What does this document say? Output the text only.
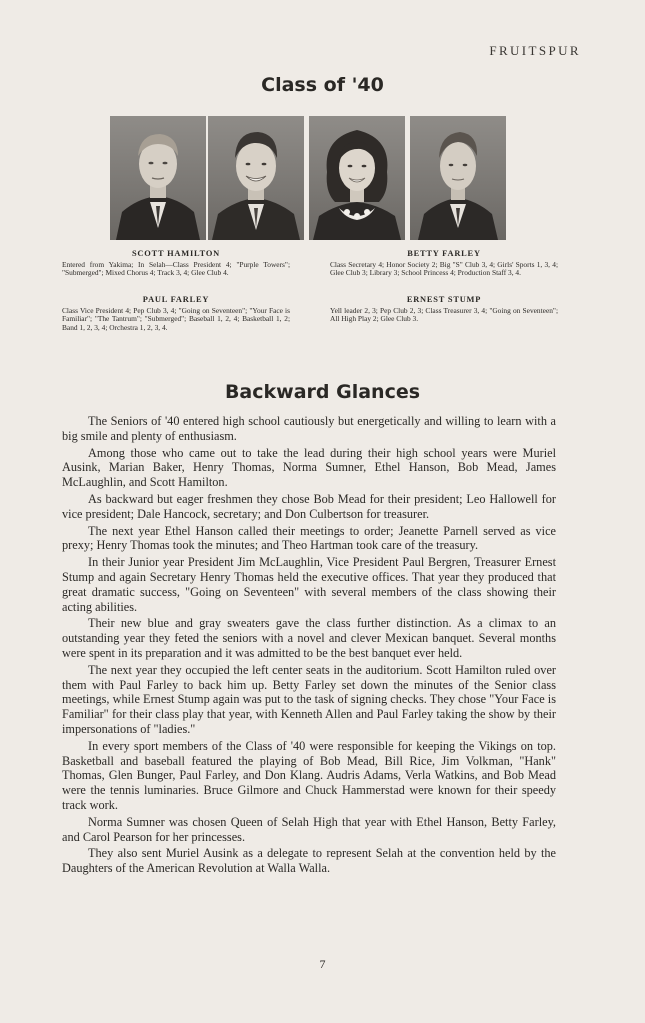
FRUITSPUR
Class of '40
SCOTT HAMILTON
Entered from Yakima; In Selah—Class President 4; "Purple Towers"; "Submerged"; Mixed Chorus 4; Track 3, 4; Glee Club 4.
BETTY FARLEY
Class Secretary 4; Honor Society 2; Big "S" Club 3, 4; Girls' Sports 1, 3, 4; Glee Club 3; Library 3; School Princess 4; Production Staff 3, 4.
PAUL FARLEY
Class Vice President 4; Pep Club 3, 4; "Going on Seventeen"; "Your Face is Familiar"; "The Tantrum"; "Submerged"; Baseball 1, 2, 4; Basketball 1, 2; Band 1, 2, 3, 4; Orchestra 1, 2, 3, 4.
ERNEST STUMP
Yell leader 2, 3; Pep Club 2, 3; Class Treasurer 3, 4; "Going on Seventeen"; All High Play 2; Glee Club 3.
Backward Glances

The Seniors of '40 entered high school cautiously but energetically and willing to learn with a big smile and plenty of enthusiasm.

Among those who came out to take the lead during their high school years were Muriel Ausink, Marian Baker, Henry Thomas, Norma Sumner, Ethel Hanson, Bob Mead, James McLaughlin, and Scott Hamilton.

As backward but eager freshmen they chose Bob Mead for their president; Leo Hallowell for vice president; Dale Hancock, secretary; and Don Culbertson for treasurer.

The next year Ethel Hanson called their meetings to order; Jeanette Parnell served as vice prexy; Henry Thomas took the minutes; and Theo Hartman took care of the treasury.

In their Junior year President Jim McLaughlin, Vice President Paul Bergren, Treasurer Ernest Stump and again Secretary Henry Thomas held the executive offices. That year they produced that great dramatic success, "Going on Seventeen" with several members of the class showing their acting abilities.

Their new blue and gray sweaters gave the class further distinction. As a climax to an outstanding year they feted the seniors with a novel and clever Mexican banquet. Several months were spent in its preparation and it was admitted to be the best banquet ever held.

The next year they occupied the left center seats in the auditorium. Scott Hamilton ruled over them with Paul Farley to back him up. Betty Farley set down the minutes of the Senior class meetings, while Ernest Stump again was put to the task of signing checks. They chose "Your Face is Familiar" for their class play that year, with Kenneth Allen and Paul Farley taking the show by their impersonations of "ladies."

In every sport members of the Class of '40 were responsible for keeping the Vikings on top. Basketball and baseball featured the playing of Bob Mead, Bill Rice, Jim Volkman, "Hank" Thomas, Glen Bunger, Paul Farley, and Don Klang. Audris Adams, Verla Watkins, and Bob Mead were the tennis luminaries. Bruce Gilmore and Chuck Hammerstad were known for their speedy track work.

Norma Sumner was chosen Queen of Selah High that year with Ethel Hanson, Betty Farley, and Carol Pearson for her princesses.

They also sent Muriel Ausink as a delegate to represent Selah at the convention held by the Daughters of the American Revolution at Walla Walla.

7
